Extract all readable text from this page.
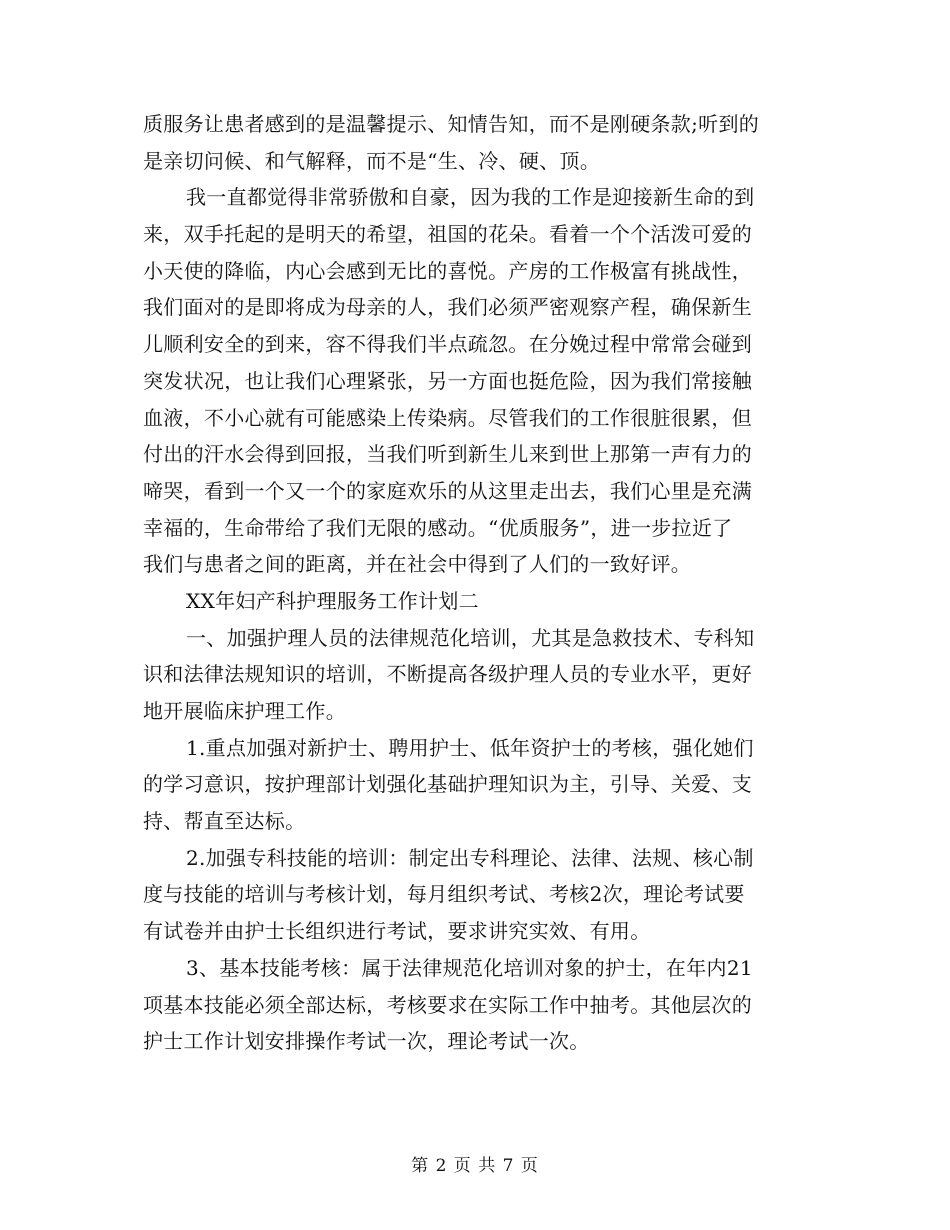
质服务让患者感到的是温馨提示、知情告知，而不是刚硬条款;听到的
是亲切问候、和气解释，而不是“生、冷、硬、顶。

我一直都觉得非常骄傲和自豪，因为我的工作是迎接新生命的到
来，双手托起的是明天的希望，祖国的花朵。看着一个个活泼可爱的
小天使的降临，内心会感到无比的喜悦。产房的工作极富有挑战性，
我们面对的是即将成为母亲的人，我们必须严密观察产程，确保新生
儿顺利安全的到来，容不得我们半点疏忽。在分娩过程中常常会碰到
突发状况，也让我们心理紧张，另一方面也挺危险，因为我们常接触
血液，不小心就有可能感染上传染病。尽管我们的工作很脏很累，但
付出的汗水会得到回报，当我们听到新生儿来到世上那第一声有力的
啼哭，看到一个又一个的家庭欢乐的从这里走出去，我们心里是充满
幸福的，生命带给了我们无限的感动。“优质服务”，进一步拉近了
我们与患者之间的距离，并在社会中得到了人们的一致好评。

XX年妇产科护理服务工作计划二

一、加强护理人员的法律规范化培训，尤其是急救技术、专科知
识和法律法规知识的培训，不断提高各级护理人员的专业水平，更好
地开展临床护理工作。

1.重点加强对新护士、聘用护士、低年资护士的考核，强化她们
的学习意识，按护理部计划强化基础护理知识为主，引导、关爱、支
持、帮直至达标。

2.加强专科技能的培训：制定出专科理论、法律、法规、核心制
度与技能的培训与考核计划，每月组织考试、考核2次，理论考试要
有试卷并由护士长组织进行考试，要求讲究实效、有用。

3、基本技能考核：属于法律规范化培训对象的护士，在年内21
项基本技能必须全部达标，考核要求在实际工作中抽考。其他层次的
护士工作计划安排操作考试一次，理论考试一次。

第 2 页 共 7 页
